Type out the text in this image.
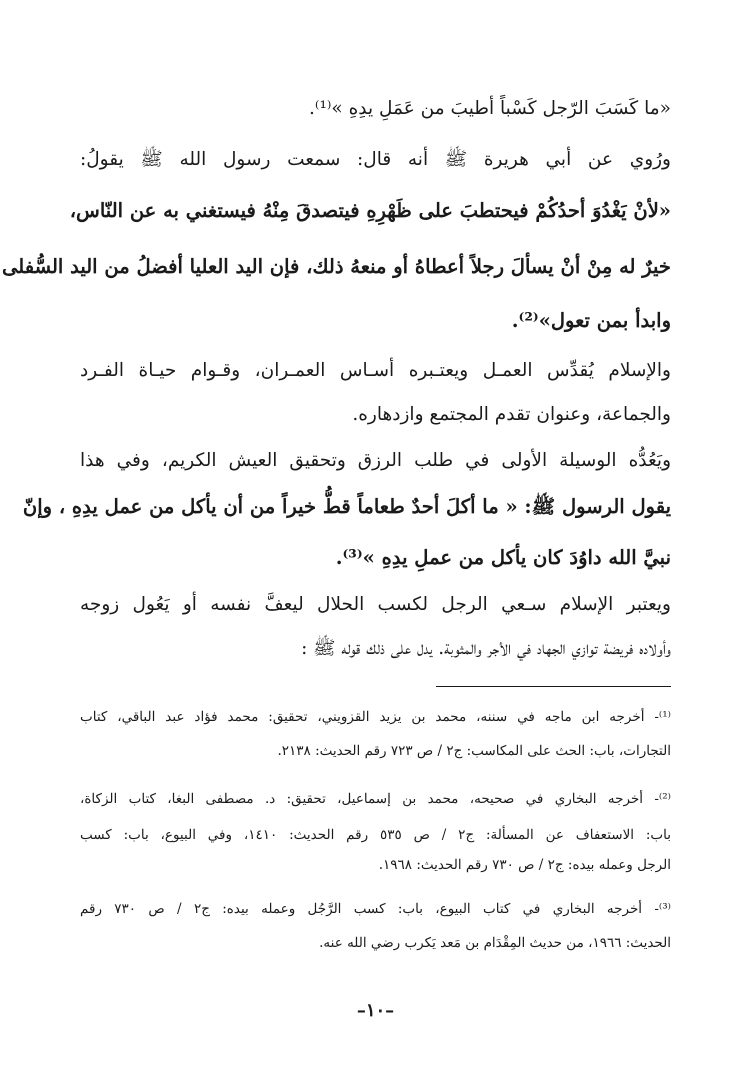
«ما كَسَبَ الرّجل كَسْباً أطيبَ من عَمَلِ يدِهِ »⁽¹⁾.
ورُوي عن أبي هريرة ﷺ أنه قال: سمعت رسول الله ﷺ يقولُ:
«لأنْ يَغْدُوَ أحدُكُمْ فيحتطبَ على ظَهْرِهِ فيتصدقَ مِنْهُ فيستغني به عن النّاس،
خيرٌ له مِنْ أنْ يسألَ رجلاً أعطاهُ أو منعهُ ذلك، فإن اليد العليا أفضلُ من اليد السُّفلى
وابدأ بمن تعول»⁽²⁾.
والإسلام يُقدِّس العمـل ويعتـبره أسـاس العمـران، وقـوام حيـاة الفـرد
والجماعة، وعنوان تقدم المجتمع وازدهاره.
ويَعُدُّه الوسيلة الأولى في طلب الرزق وتحقيق العيش الكريم، وفي هذا
يقول الرسول ﷺ: « ما أكلَ أحدٌ طعاماً قطُّ خيراً من أن يأكل من عمل يدِهِ ، وإنّ
نبيَّ الله داوُدَ كان يأكل من عملِ يدِهِ »⁽³⁾.
ويعتبر الإسلام سـعي الرجل لكسب الحلال ليعفَّ نفسه أو يَعُول زوجه
وأولاده فريضة توازي الجهاد في الأجر والمثوبة. يدل على ذلك قوله ﷺ :
⁽¹⁾- أخرجه ابن ماجه في سننه، محمد بن يزيد القزويني، تحقيق: محمد فؤاد عبد الباقي، كتاب
التجارات، باب: الحث على المكاسب: ج٢ / ص ٧٢٣ رقم الحديث: ٢١٣٨.
⁽²⁾- أخرجه البخاري في صحيحه، محمد بن إسماعيل، تحقيق: د. مصطفى البغا، كتاب الزكاة،
باب: الاستعفاف عن المسألة: ج٢ / ص ٥٣٥ رقم الحديث: ١٤١٠، وفي البيوع، باب: كسب
الرجل وعمله بيده: ج٢ / ص ٧٣٠ رقم الحديث: ١٩٦٨.
⁽³⁾- أخرجه البخاري في كتاب البيوع، باب: كسب الرَّجُل وعمله بيده: ج٢ / ص ٧٣٠ رقم
الحديث: ١٩٦٦، من حديث المِقْدَام بن مَعد يَكرب رضي الله عنه.
–١٠–
